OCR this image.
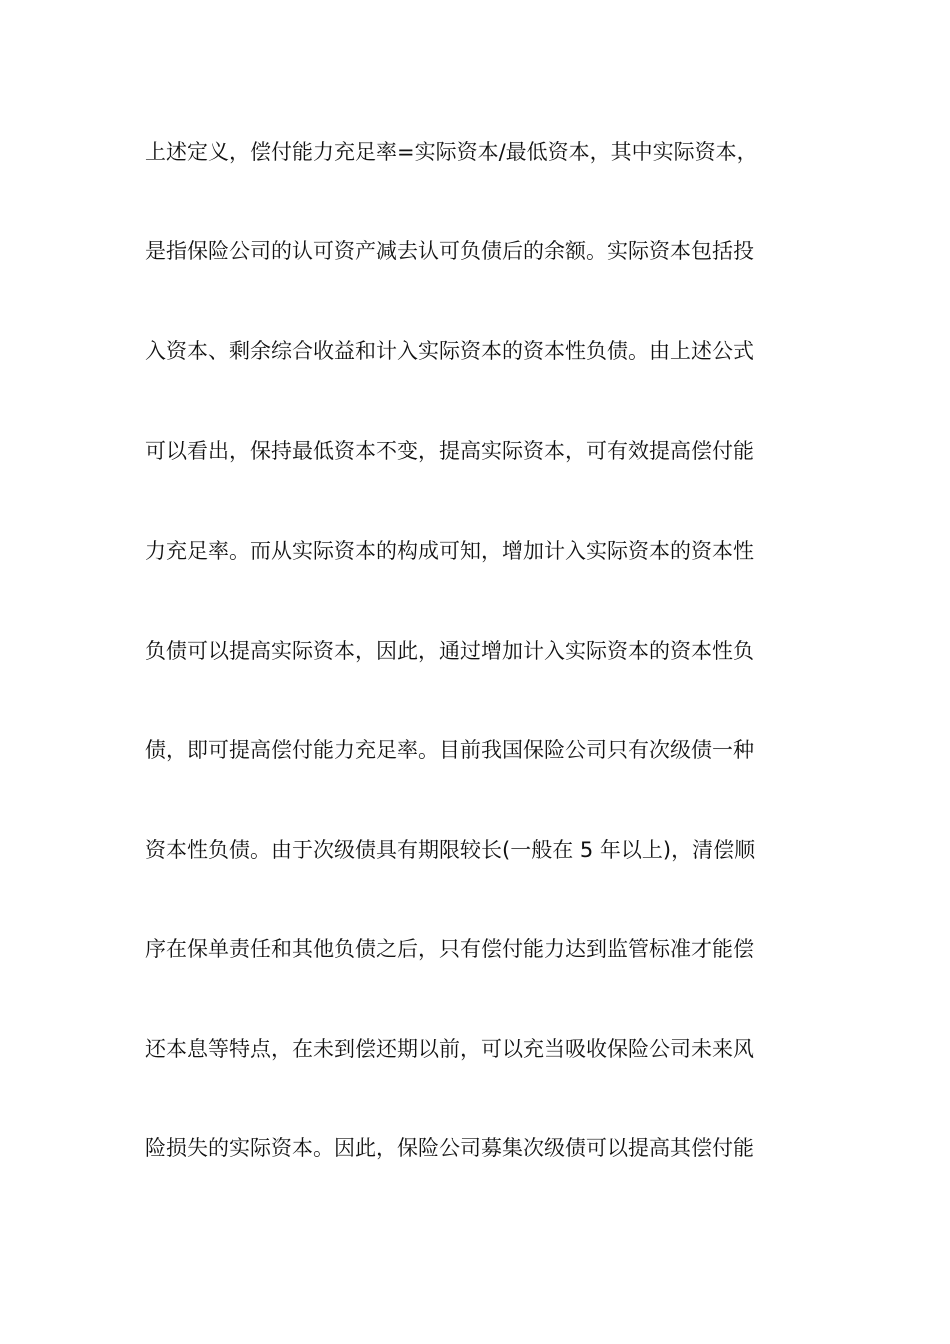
上述定义，偿付能力充足率=实际资本/最低资本，其中实际资本，

是指保险公司的认可资产减去认可负债后的余额。实际资本包括投

入资本、剩余综合收益和计入实际资本的资本性负债。由上述公式

可以看出，保持最低资本不变，提高实际资本，可有效提高偿付能

力充足率。而从实际资本的构成可知，增加计入实际资本的资本性

负债可以提高实际资本，因此，通过增加计入实际资本的资本性负

债，即可提高偿付能力充足率。目前我国保险公司只有次级债一种

资本性负债。由于次级债具有期限较长(一般在 5 年以上)，清偿顺

序在保单责任和其他负债之后，只有偿付能力达到监管标准才能偿

还本息等特点，在未到偿还期以前，可以充当吸收保险公司未来风

险损失的实际资本。因此，保险公司募集次级债可以提高其偿付能
